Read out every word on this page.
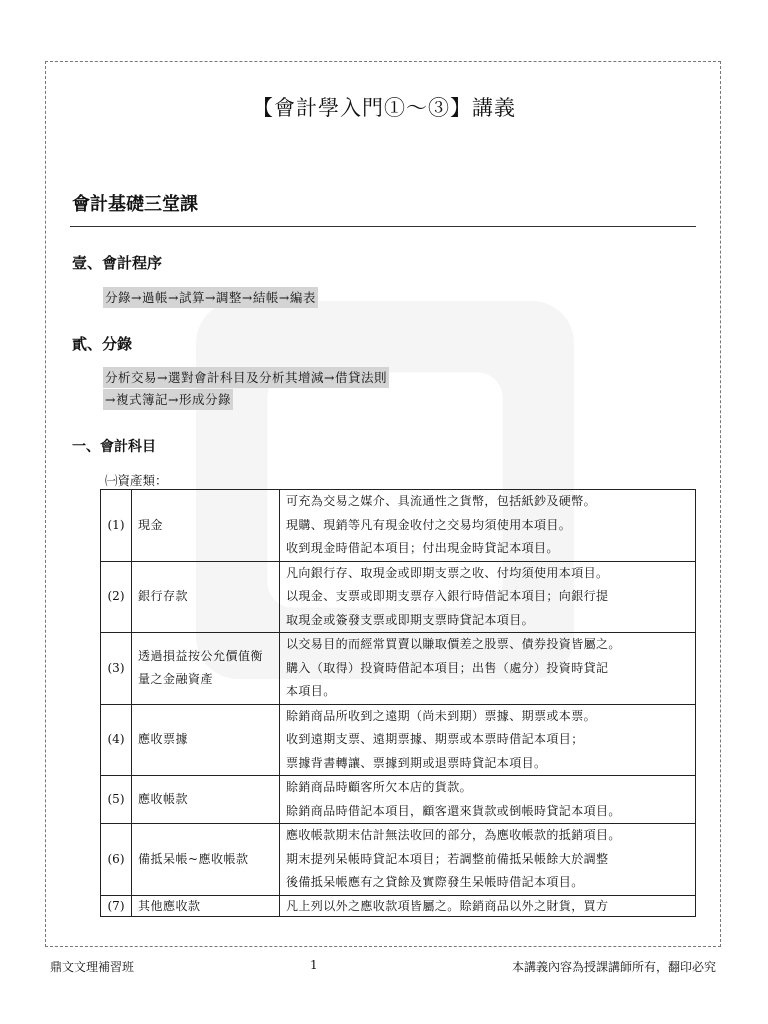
【會計學入門①～③】講義
會計基礎三堂課
壹、會計程序
分錄→過帳→試算→調整→結帳→編表
貳、分錄
分析交易→選對會計科目及分析其增減→借貸法則
→複式簿記→形成分錄
一、會計科目
㈠資產類：
(1)	現金	可充為交易之媒介、具流通性之貨幣，包括紙鈔及硬幣。
現購、現銷等凡有現金收付之交易均須使用本項目。
收到現金時借記本項目；付出現金時貸記本項目。

(2)	銀行存款	凡向銀行存、取現金或即期支票之收、付均須使用本項目。
以現金、支票或即期支票存入銀行時借記本項目；向銀行提
取現金或簽發支票或即期支票時貸記本項目。

(3)	透過損益按公允價值衡量之金融資產	以交易目的而經常買賣以賺取價差之股票、債券投資皆屬之。
購入（取得）投資時借記本項目；出售（處分）投資時貸記
本項目。

(4)	應收票據	賒銷商品所收到之遠期（尚未到期）票據、期票或本票。
收到遠期支票、遠期票據、期票或本票時借記本項目；
票據背書轉讓、票據到期或退票時貸記本項目。

(5)	應收帳款	賒銷商品時顧客所欠本店的貨款。
賒銷商品時借記本項目，顧客還來貨款或倒帳時貸記本項目。

(6)	備抵呆帳~應收帳款	應收帳款期末估計無法收回的部分，為應收帳款的抵銷項目。
期末提列呆帳時貸記本項目；若調整前備抵呆帳餘大於調整
後備抵呆帳應有之貸餘及實際發生呆帳時借記本項目。

(7)	其他應收款	凡上列以外之應收款項皆屬之。賒銷商品以外之財貨，買方
鼎文文理補習班	1	本講義內容為授課講師所有，翻印必究
